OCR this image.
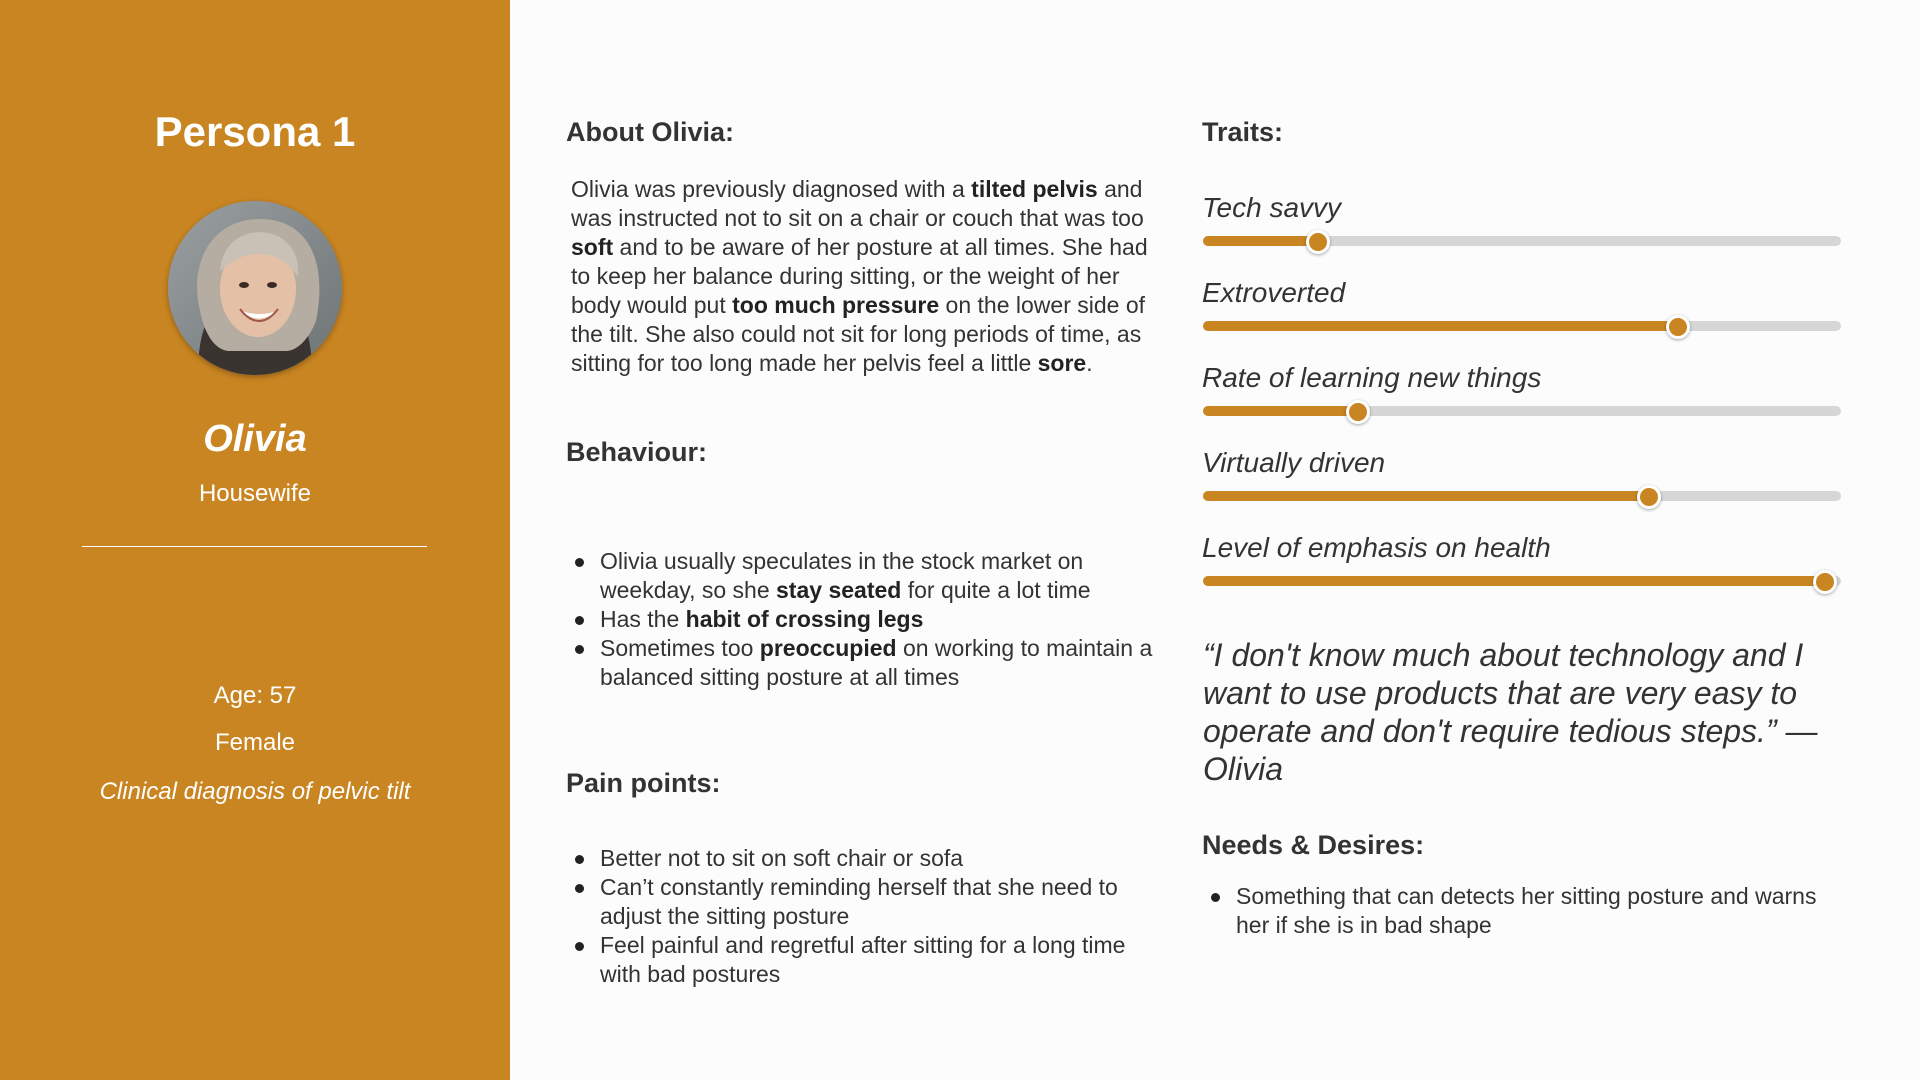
Persona 1
Olivia
Housewife
Age: 57
Female
Clinical diagnosis of pelvic tilt
About Olivia:
Olivia was previously diagnosed with a tilted pelvis and was instructed not to sit on a chair or couch that was too soft and to be aware of her posture at all times. She had to keep her balance during sitting, or the weight of her body would put too much pressure on the lower side of the tilt. She also could not sit for long periods of time, as sitting for too long made her pelvis feel a little sore.
Behaviour:
Olivia usually speculates in the stock market on weekday, so she stay seated for quite a lot time
Has the habit of crossing legs
Sometimes too preoccupied on working to maintain a balanced sitting posture at all times
Pain points:
Better not to sit on soft chair or sofa
Can’t constantly reminding herself that she need to adjust the sitting posture
Feel painful and regretful after sitting for a long time with bad postures
Traits:
Tech savvy
Extroverted
Rate of learning new things
Virtually driven
Level of emphasis on health
“I don't know much about technology and I want to use products that are very easy to operate and don't require tedious steps.” — Olivia
Needs & Desires:
Something that can detects her sitting posture and warns her if she is in bad shape
